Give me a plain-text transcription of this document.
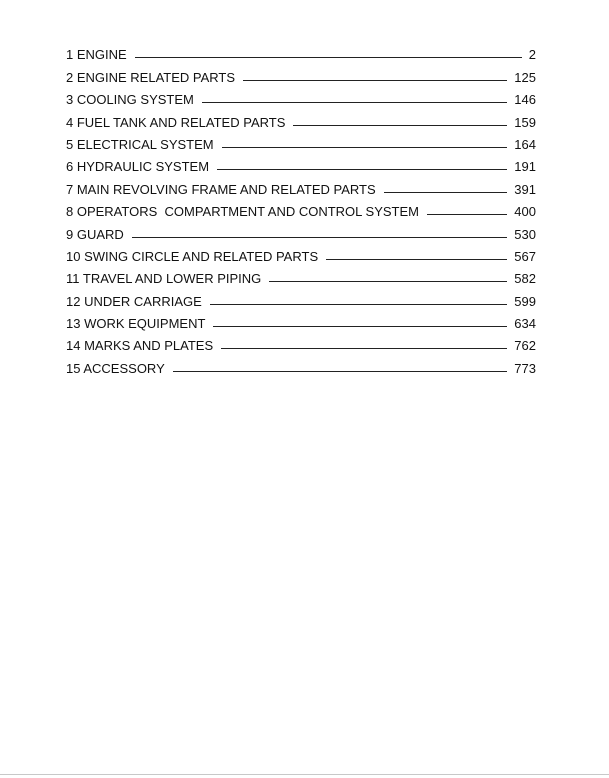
1 ENGINE	2
2 ENGINE RELATED PARTS	125
3 COOLING SYSTEM	146
4 FUEL TANK AND RELATED PARTS	159
5 ELECTRICAL SYSTEM	164
6 HYDRAULIC SYSTEM	191
7 MAIN REVOLVING FRAME AND RELATED PARTS	391
8 OPERATORS  COMPARTMENT AND CONTROL SYSTEM	400
9 GUARD	530
10 SWING CIRCLE AND RELATED PARTS	567
11 TRAVEL AND LOWER PIPING	582
12 UNDER CARRIAGE	599
13 WORK EQUIPMENT	634
14 MARKS AND PLATES	762
15 ACCESSORY	773
